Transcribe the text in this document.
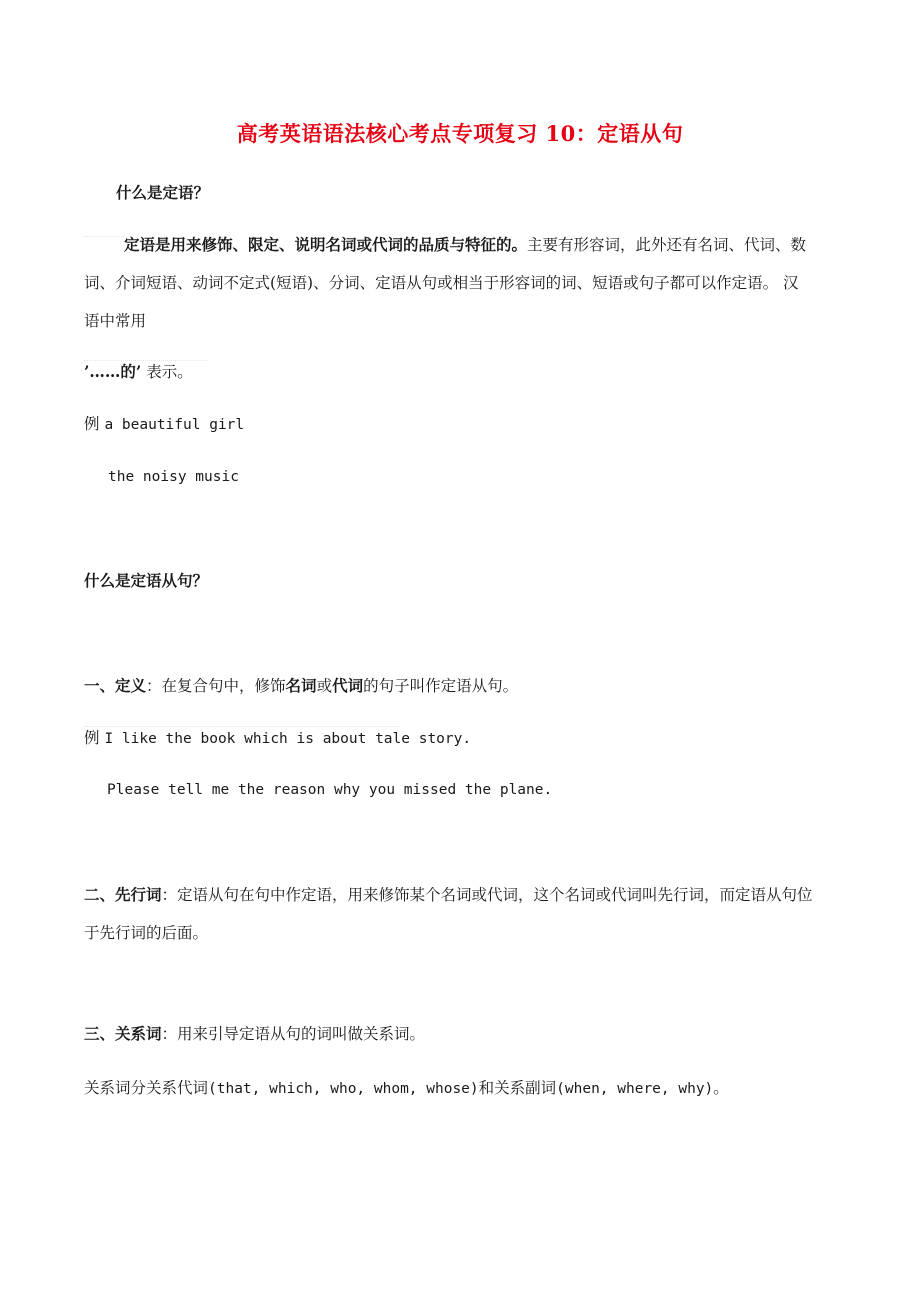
高考英语语法核心考点专项复习 10：定语从句
什么是定语？
定语是用来修饰、限定、说明名词或代词的品质与特征的。主要有形容词，此外还有名词、代词、数
词、介词短语、动词不定式(短语)、分词、定语从句或相当于形容词的词、短语或句子都可以作定语。 汉
语中常用
’……的’ 表示。
例 a beautiful girl
the noisy music
什么是定语从句？
一、定义：在复合句中，修饰名词或代词的句子叫作定语从句。
例 I like the book which is about tale story.
Please tell me the reason why you missed the plane.
二、先行词：定语从句在句中作定语，用来修饰某个名词或代词，这个名词或代词叫先行词，而定语从句位
于先行词的后面。
三、关系词：用来引导定语从句的词叫做关系词。
关系词分关系代词(that, which, who, whom, whose)和关系副词(when, where, why)。
